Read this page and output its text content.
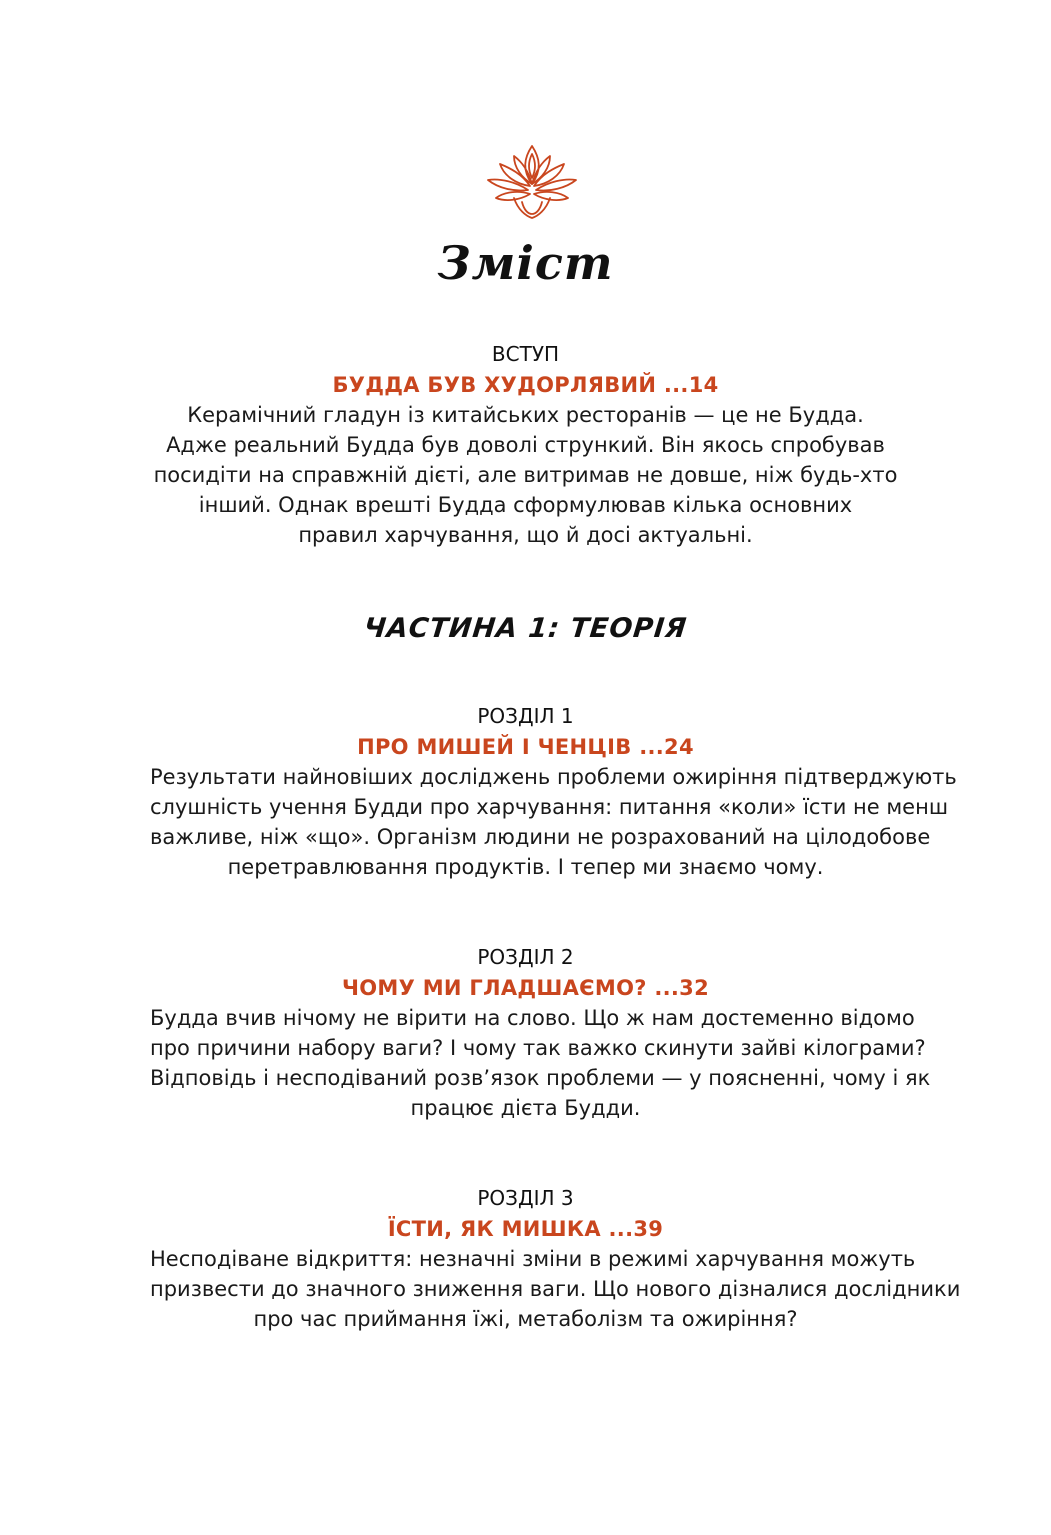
Зміст
ВСТУП
БУДДА БУВ ХУДОРЛЯВИЙ ...14
Керамічний гладун із китайських ресторанів — це не Будда.
Адже реальний Будда був доволі стрункий. Він якось спробував
посидіти на справжній дієті, але витримав не довше, ніж будь-хто
інший. Однак врешті Будда сформулював кілька основних
правил харчування, що й досі актуальні.
ЧАСТИНА 1: ТЕОРІЯ
РОЗДІЛ 1
ПРО МИШЕЙ І ЧЕНЦІВ ...24
Результати найновіших досліджень проблеми ожиріння підтверджують
слушність учення Будди про харчування: питання «коли» їсти не менш
важливе, ніж «що». Організм людини не розрахований на цілодобове
перетравлювання продуктів. І тепер ми знаємо чому.
РОЗДІЛ 2
ЧОМУ МИ ГЛАДШАЄМО? ...32
Будда вчив нічому не вірити на слово. Що ж нам достеменно відомо
про причини набору ваги? І чому так важко скинути зайві кілограми?
Відповідь і несподіваний розв’язок проблеми — у поясненні, чому і як
працює дієта Будди.
РОЗДІЛ 3
ЇСТИ, ЯК МИШКА ...39
Несподіване відкриття: незначні зміни в режимі харчування можуть
призвести до значного зниження ваги. Що нового дізналися дослідники
про час приймання їжі, метаболізм та ожиріння?
